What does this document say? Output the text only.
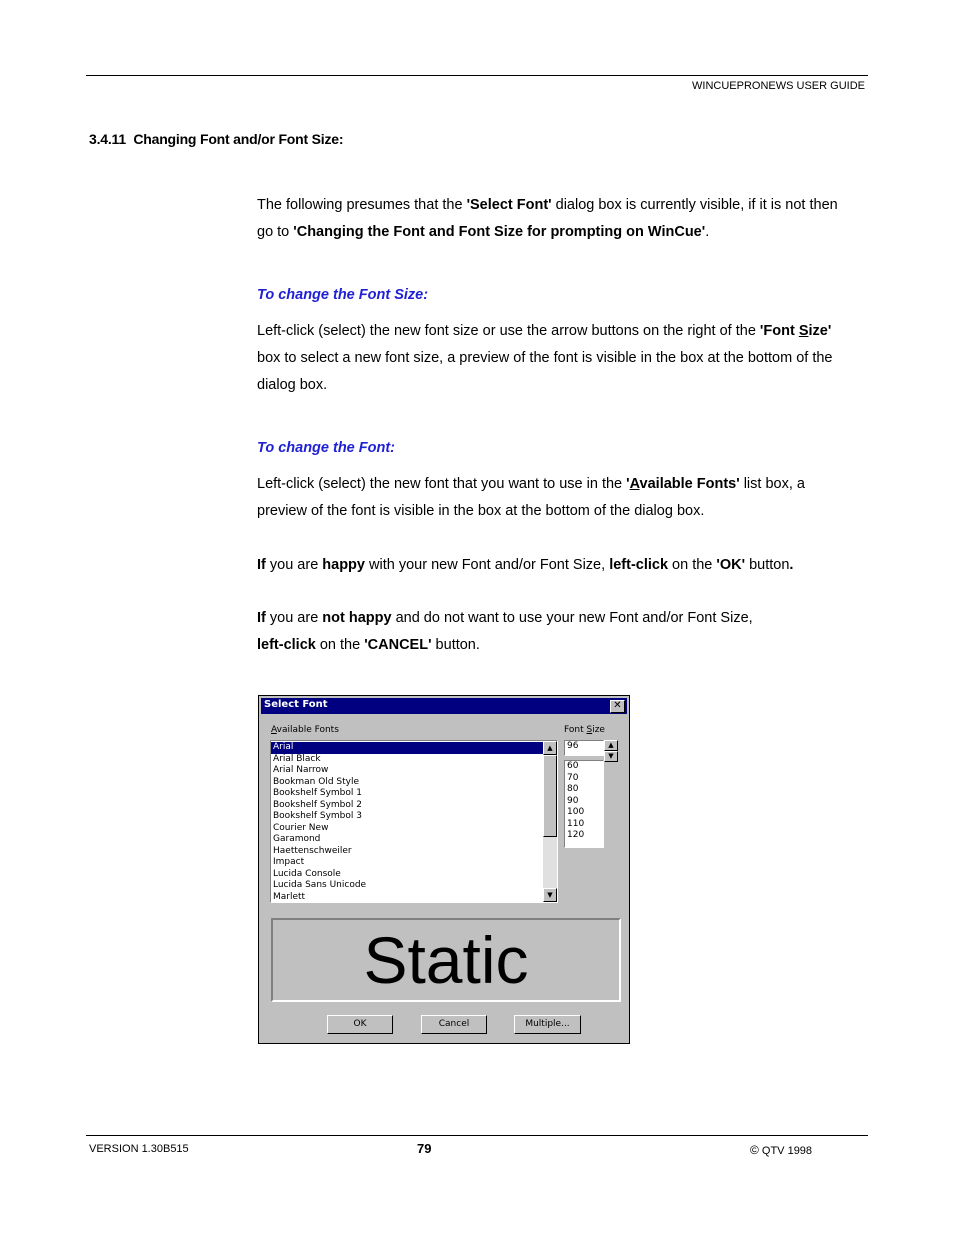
WINCUEPRONEWS USER GUIDE
3.4.11 Changing Font and/or Font Size:
The following presumes that the 'Select Font' dialog box is currently visible, if it is not then go to 'Changing the Font and Font Size for prompting on WinCue'.
To change the Font Size:
Left-click (select) the new font size or use the arrow buttons on the right of the 'Font Size' box to select a new font size, a preview of the font is visible in the box at the bottom of the dialog box.
To change the Font:
Left-click (select) the new font that you want to use in the 'Available Fonts' list box, a preview of the font is visible in the box at the bottom of the dialog box.
If you are happy with your new Font and/or Font Size, left-click on the 'OK' button.
If you are not happy and do not want to use your new Font and/or Font Size,
left-click on the 'CANCEL' button.
Select Font	✕
Available Fonts	Font Size
Arial
Arial Black
Arial Narrow
Bookman Old Style
Bookshelf Symbol 1
Bookshelf Symbol 2
Bookshelf Symbol 3
Courier New
Garamond
Haettenschweiler
Impact
Lucida Console
Lucida Sans Unicode
Marlett
▲
▼
96	▲
▼
60
70
80
90
100
110
120
Static
OK	Cancel	Multiple...
VERSION 1.30B515	79	© QTV 1998
